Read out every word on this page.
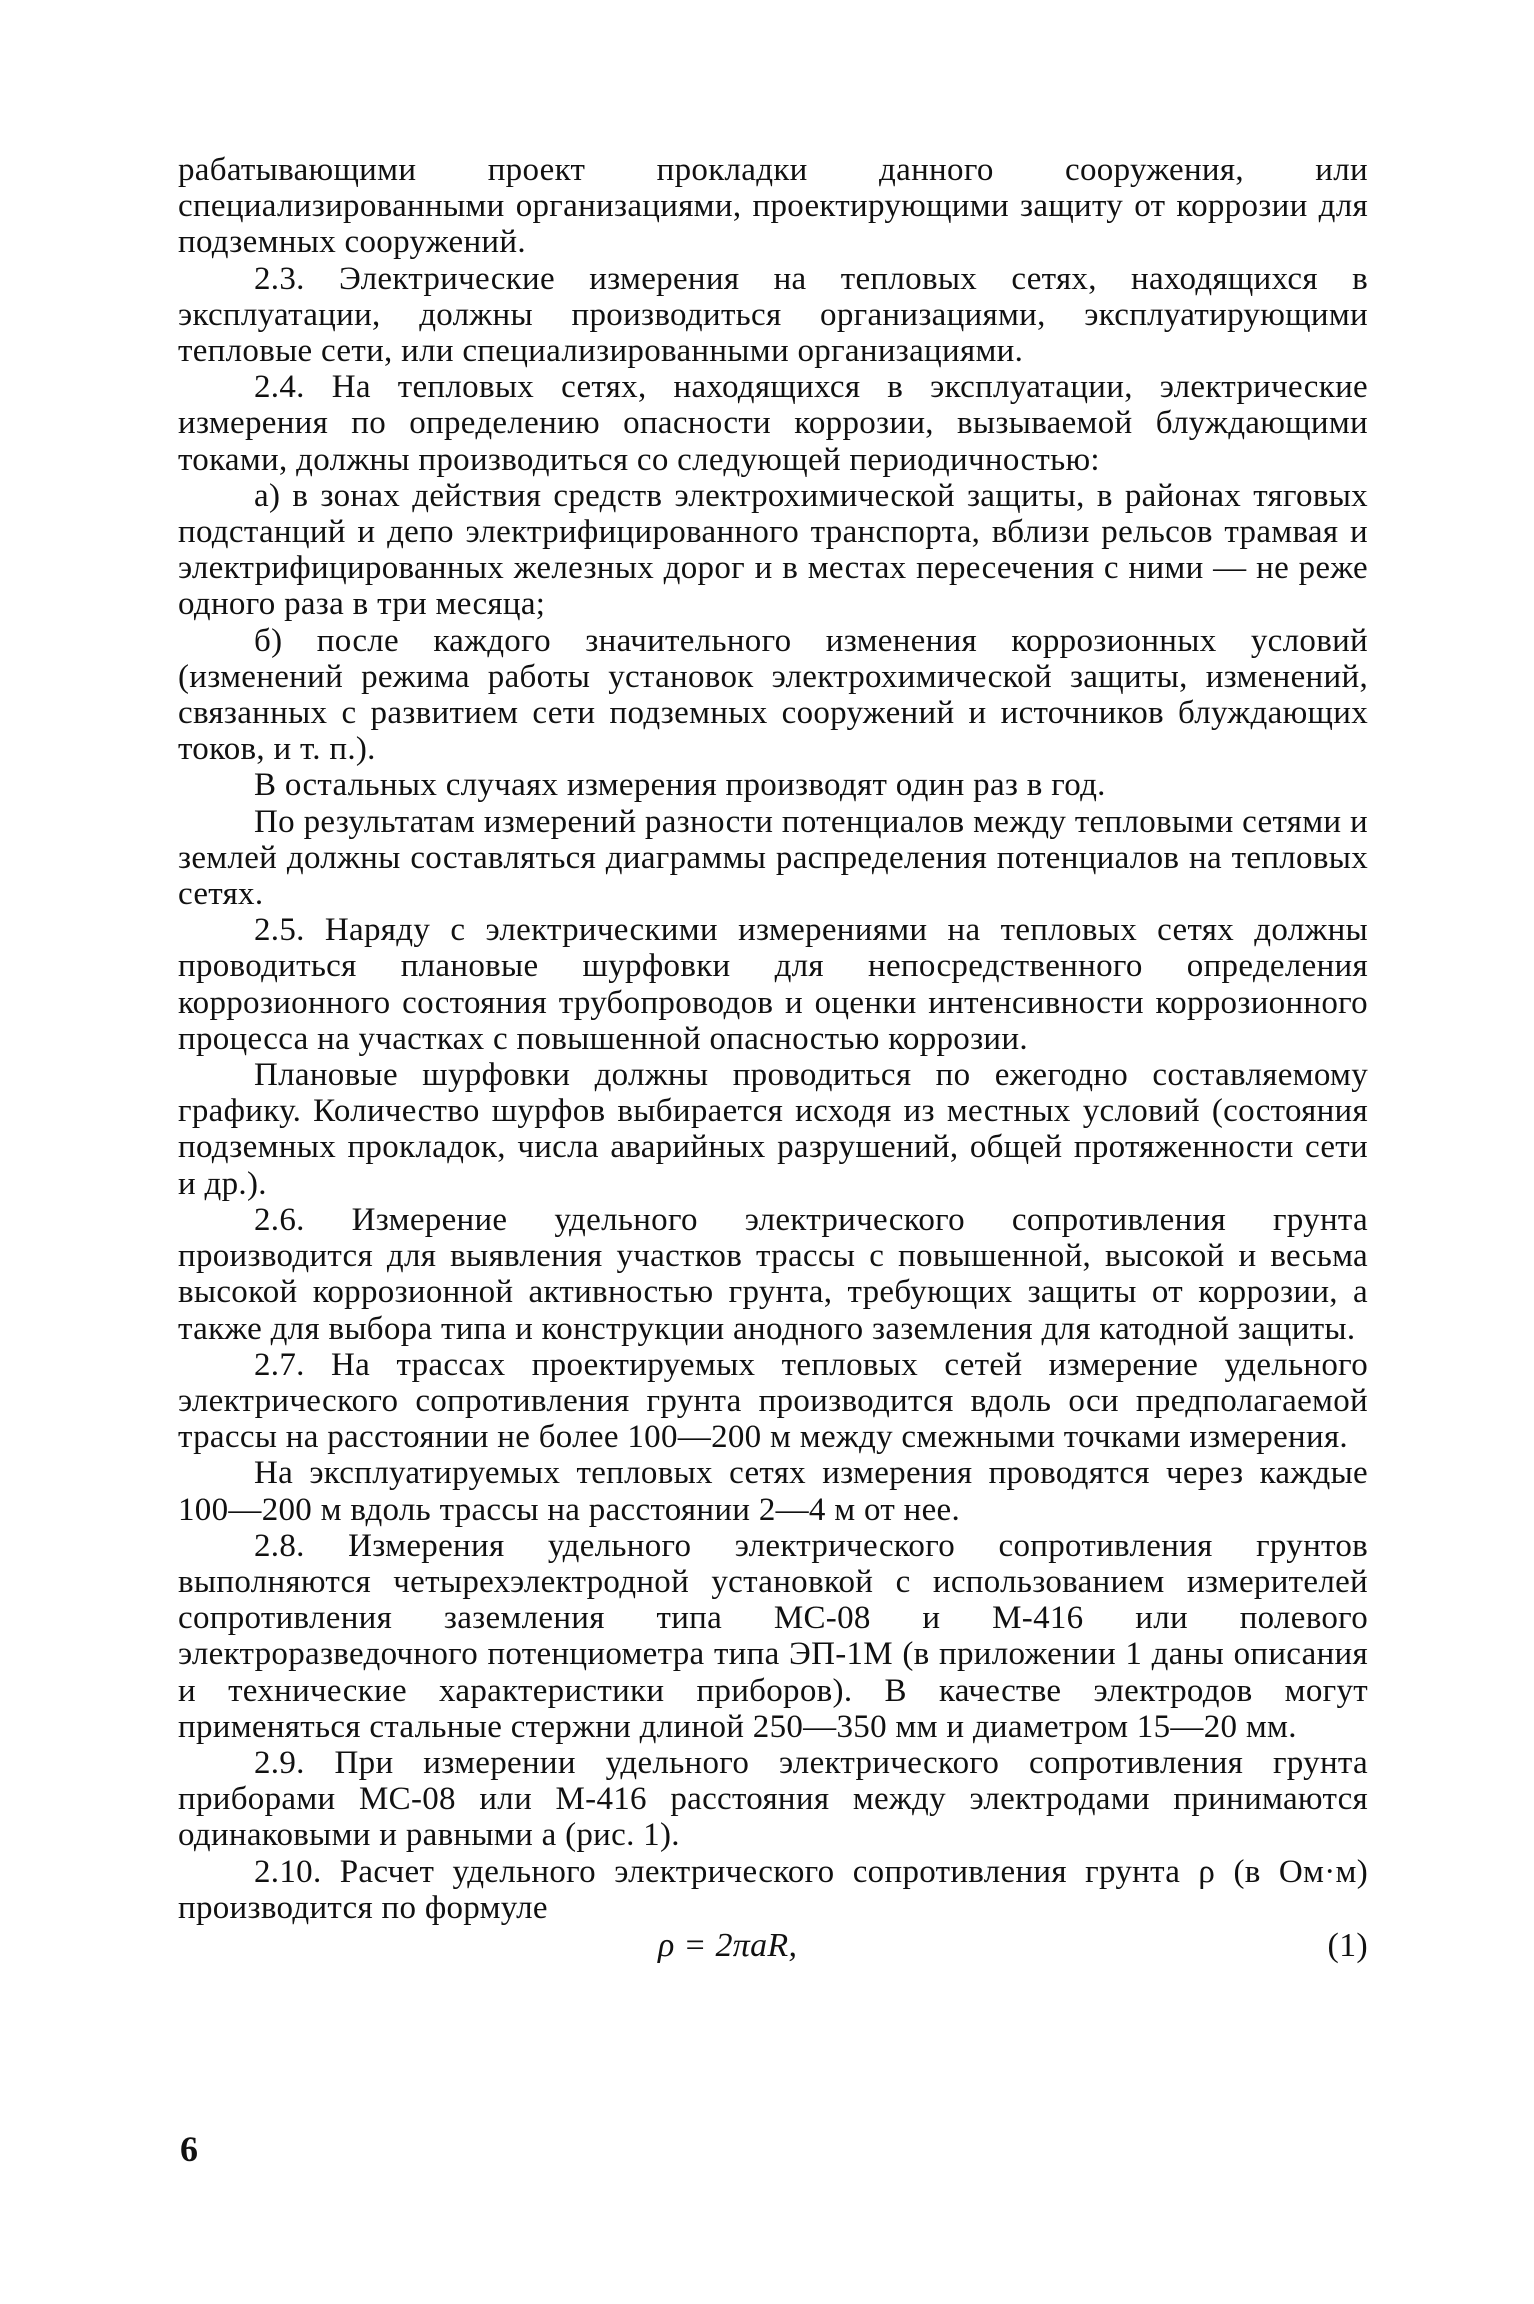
рабатывающими проект прокладки данного сооружения, или специализированными организациями, проектирующими защиту от коррозии для подземных сооружений.

2.3. Электрические измерения на тепловых сетях, находящихся в эксплуатации, должны производиться организациями, эксплуатирующими тепловые сети, или специализированными организациями.

2.4. На тепловых сетях, находящихся в эксплуатации, электрические измерения по определению опасности коррозии, вызываемой блуждающими токами, должны производиться со следующей периодичностью:

а) в зонах действия средств электрохимической защиты, в районах тяговых подстанций и депо электрифицированного транспорта, вблизи рельсов трамвая и электрифицированных железных дорог и в местах пересечения с ними — не реже одного раза в три месяца;

б) после каждого значительного изменения коррозионных условий (изменений режима работы установок электрохимической защиты, изменений, связанных с развитием сети подземных сооружений и источников блуждающих токов, и т. п.).

В остальных случаях измерения производят один раз в год.

По результатам измерений разности потенциалов между тепловыми сетями и землей должны составляться диаграммы распределения потенциалов на тепловых сетях.

2.5. Наряду с электрическими измерениями на тепловых сетях должны проводиться плановые шурфовки для непосредственного определения коррозионного состояния трубопроводов и оценки интенсивности коррозионного процесса на участках с повышенной опасностью коррозии.

Плановые шурфовки должны проводиться по ежегодно составляемому графику. Количество шурфов выбирается исходя из местных условий (состояния подземных прокладок, числа аварийных разрушений, общей протяженности сети и др.).

2.6. Измерение удельного электрического сопротивления грунта производится для выявления участков трассы с повышенной, высокой и весьма высокой коррозионной активностью грунта, требующих защиты от коррозии, а также для выбора типа и конструкции анодного заземления для катодной защиты.

2.7. На трассах проектируемых тепловых сетей измерение удельного электрического сопротивления грунта производится вдоль оси предполагаемой трассы на расстоянии не более 100—200 м между смежными точками измерения.

На эксплуатируемых тепловых сетях измерения проводятся через каждые 100—200 м вдоль трассы на расстоянии 2—4 м от нее.

2.8. Измерения удельного электрического сопротивления грунтов выполняются четырехэлектродной установкой с использованием измерителей сопротивления заземления типа МС-08 и М-416 или полевого электроразведочного потенциометра типа ЭП-1М (в приложении 1 даны описания и технические характеристики приборов). В качестве электродов могут применяться стальные стержни длиной 250—350 мм и диаметром 15—20 мм.

2.9. При измерении удельного электрического сопротивления грунта приборами МС-08 или М-416 расстояния между электродами принимаются одинаковыми и равными a (рис. 1).

2.10. Расчет удельного электрического сопротивления грунта ρ (в Ом·м) производится по формуле

ρ = 2πaR,	(1)
6
